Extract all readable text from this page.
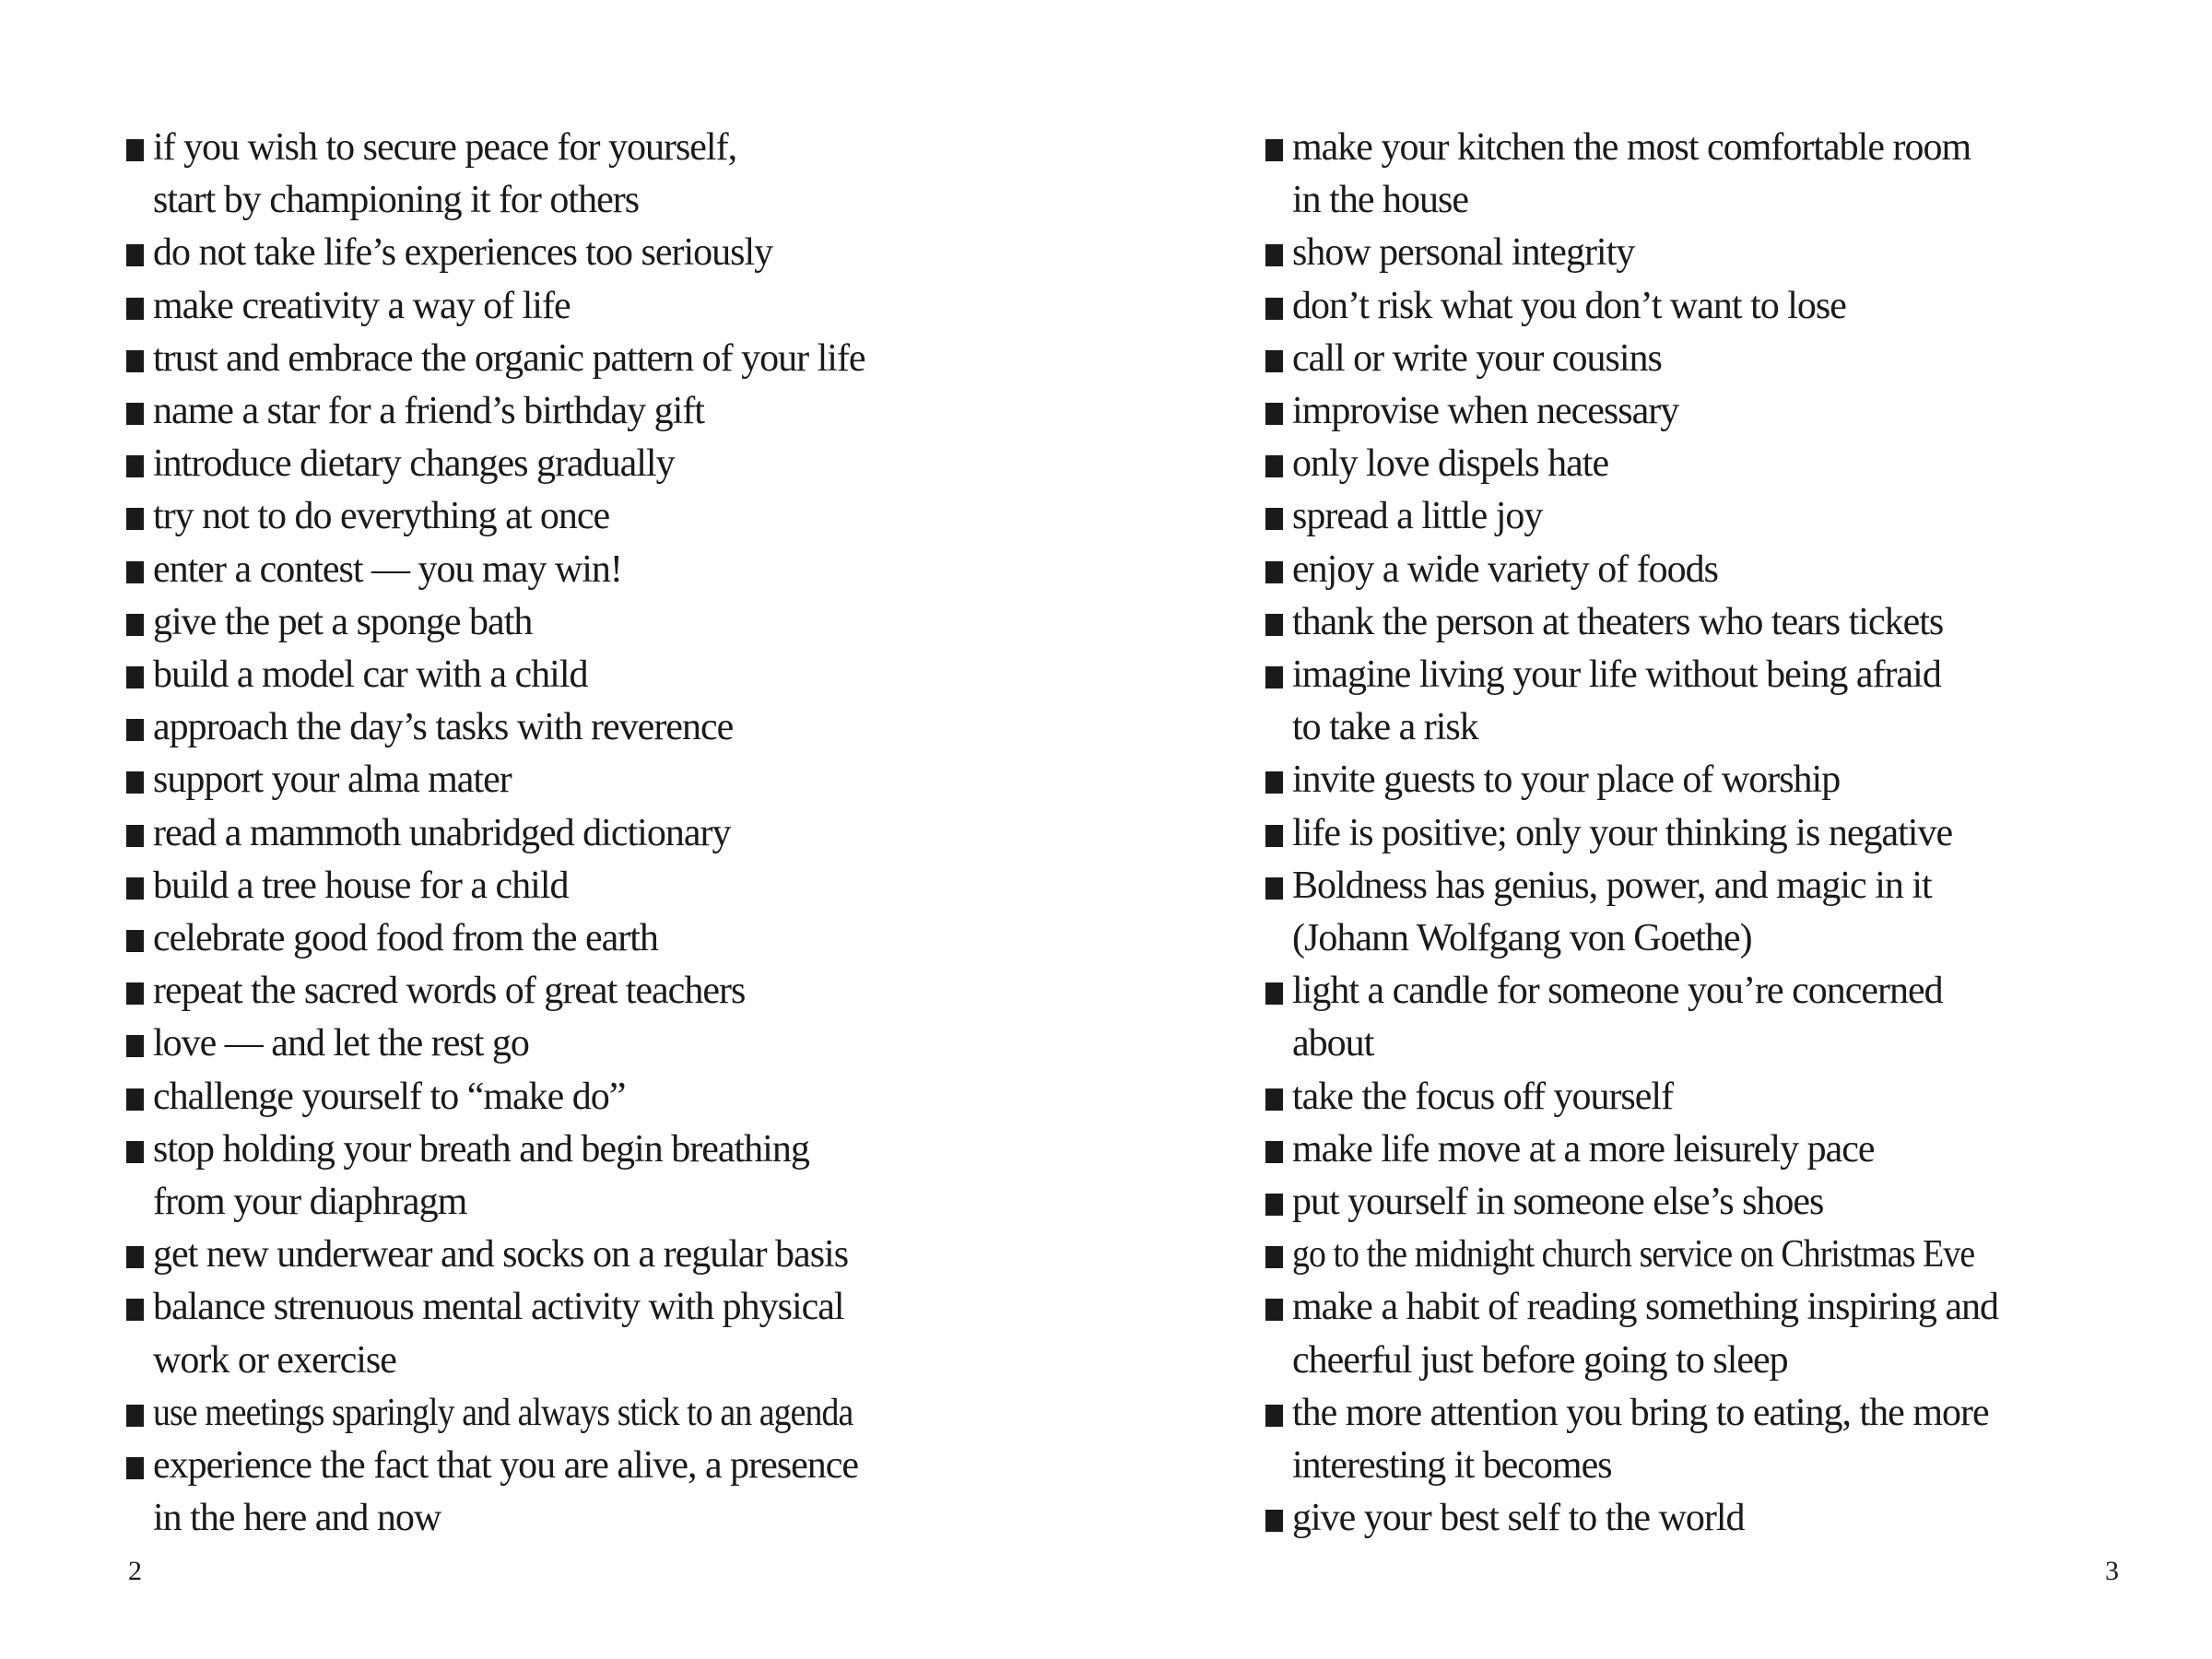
if you wish to secure peace for yourself,
start by championing it for others
do not take life’s experiences too seriously
make creativity a way of life
trust and embrace the organic pattern of your life
name a star for a friend’s birthday gift
introduce dietary changes gradually
try not to do everything at once
enter a contest — you may win!
give the pet a sponge bath
build a model car with a child
approach the day’s tasks with reverence
support your alma mater
read a mammoth unabridged dictionary
build a tree house for a child
celebrate good food from the earth
repeat the sacred words of great teachers
love — and let the rest go
challenge yourself to “make do”
stop holding your breath and begin breathing
from your diaphragm
get new underwear and socks on a regular basis
balance strenuous mental activity with physical
work or exercise
use meetings sparingly and always stick to an agenda
experience the fact that you are alive, a presence
in the here and now
2
make your kitchen the most comfortable room
in the house
show personal integrity
don’t risk what you don’t want to lose
call or write your cousins
improvise when necessary
only love dispels hate
spread a little joy
enjoy a wide variety of foods
thank the person at theaters who tears tickets
imagine living your life without being afraid
to take a risk
invite guests to your place of worship
life is positive; only your thinking is negative
Boldness has genius, power, and magic in it
(Johann Wolfgang von Goethe)
light a candle for someone you’re concerned
about
take the focus off yourself
make life move at a more leisurely pace
put yourself in someone else’s shoes
go to the midnight church service on Christmas Eve
make a habit of reading something inspiring and
cheerful just before going to sleep
the more attention you bring to eating, the more
interesting it becomes
give your best self to the world
3
